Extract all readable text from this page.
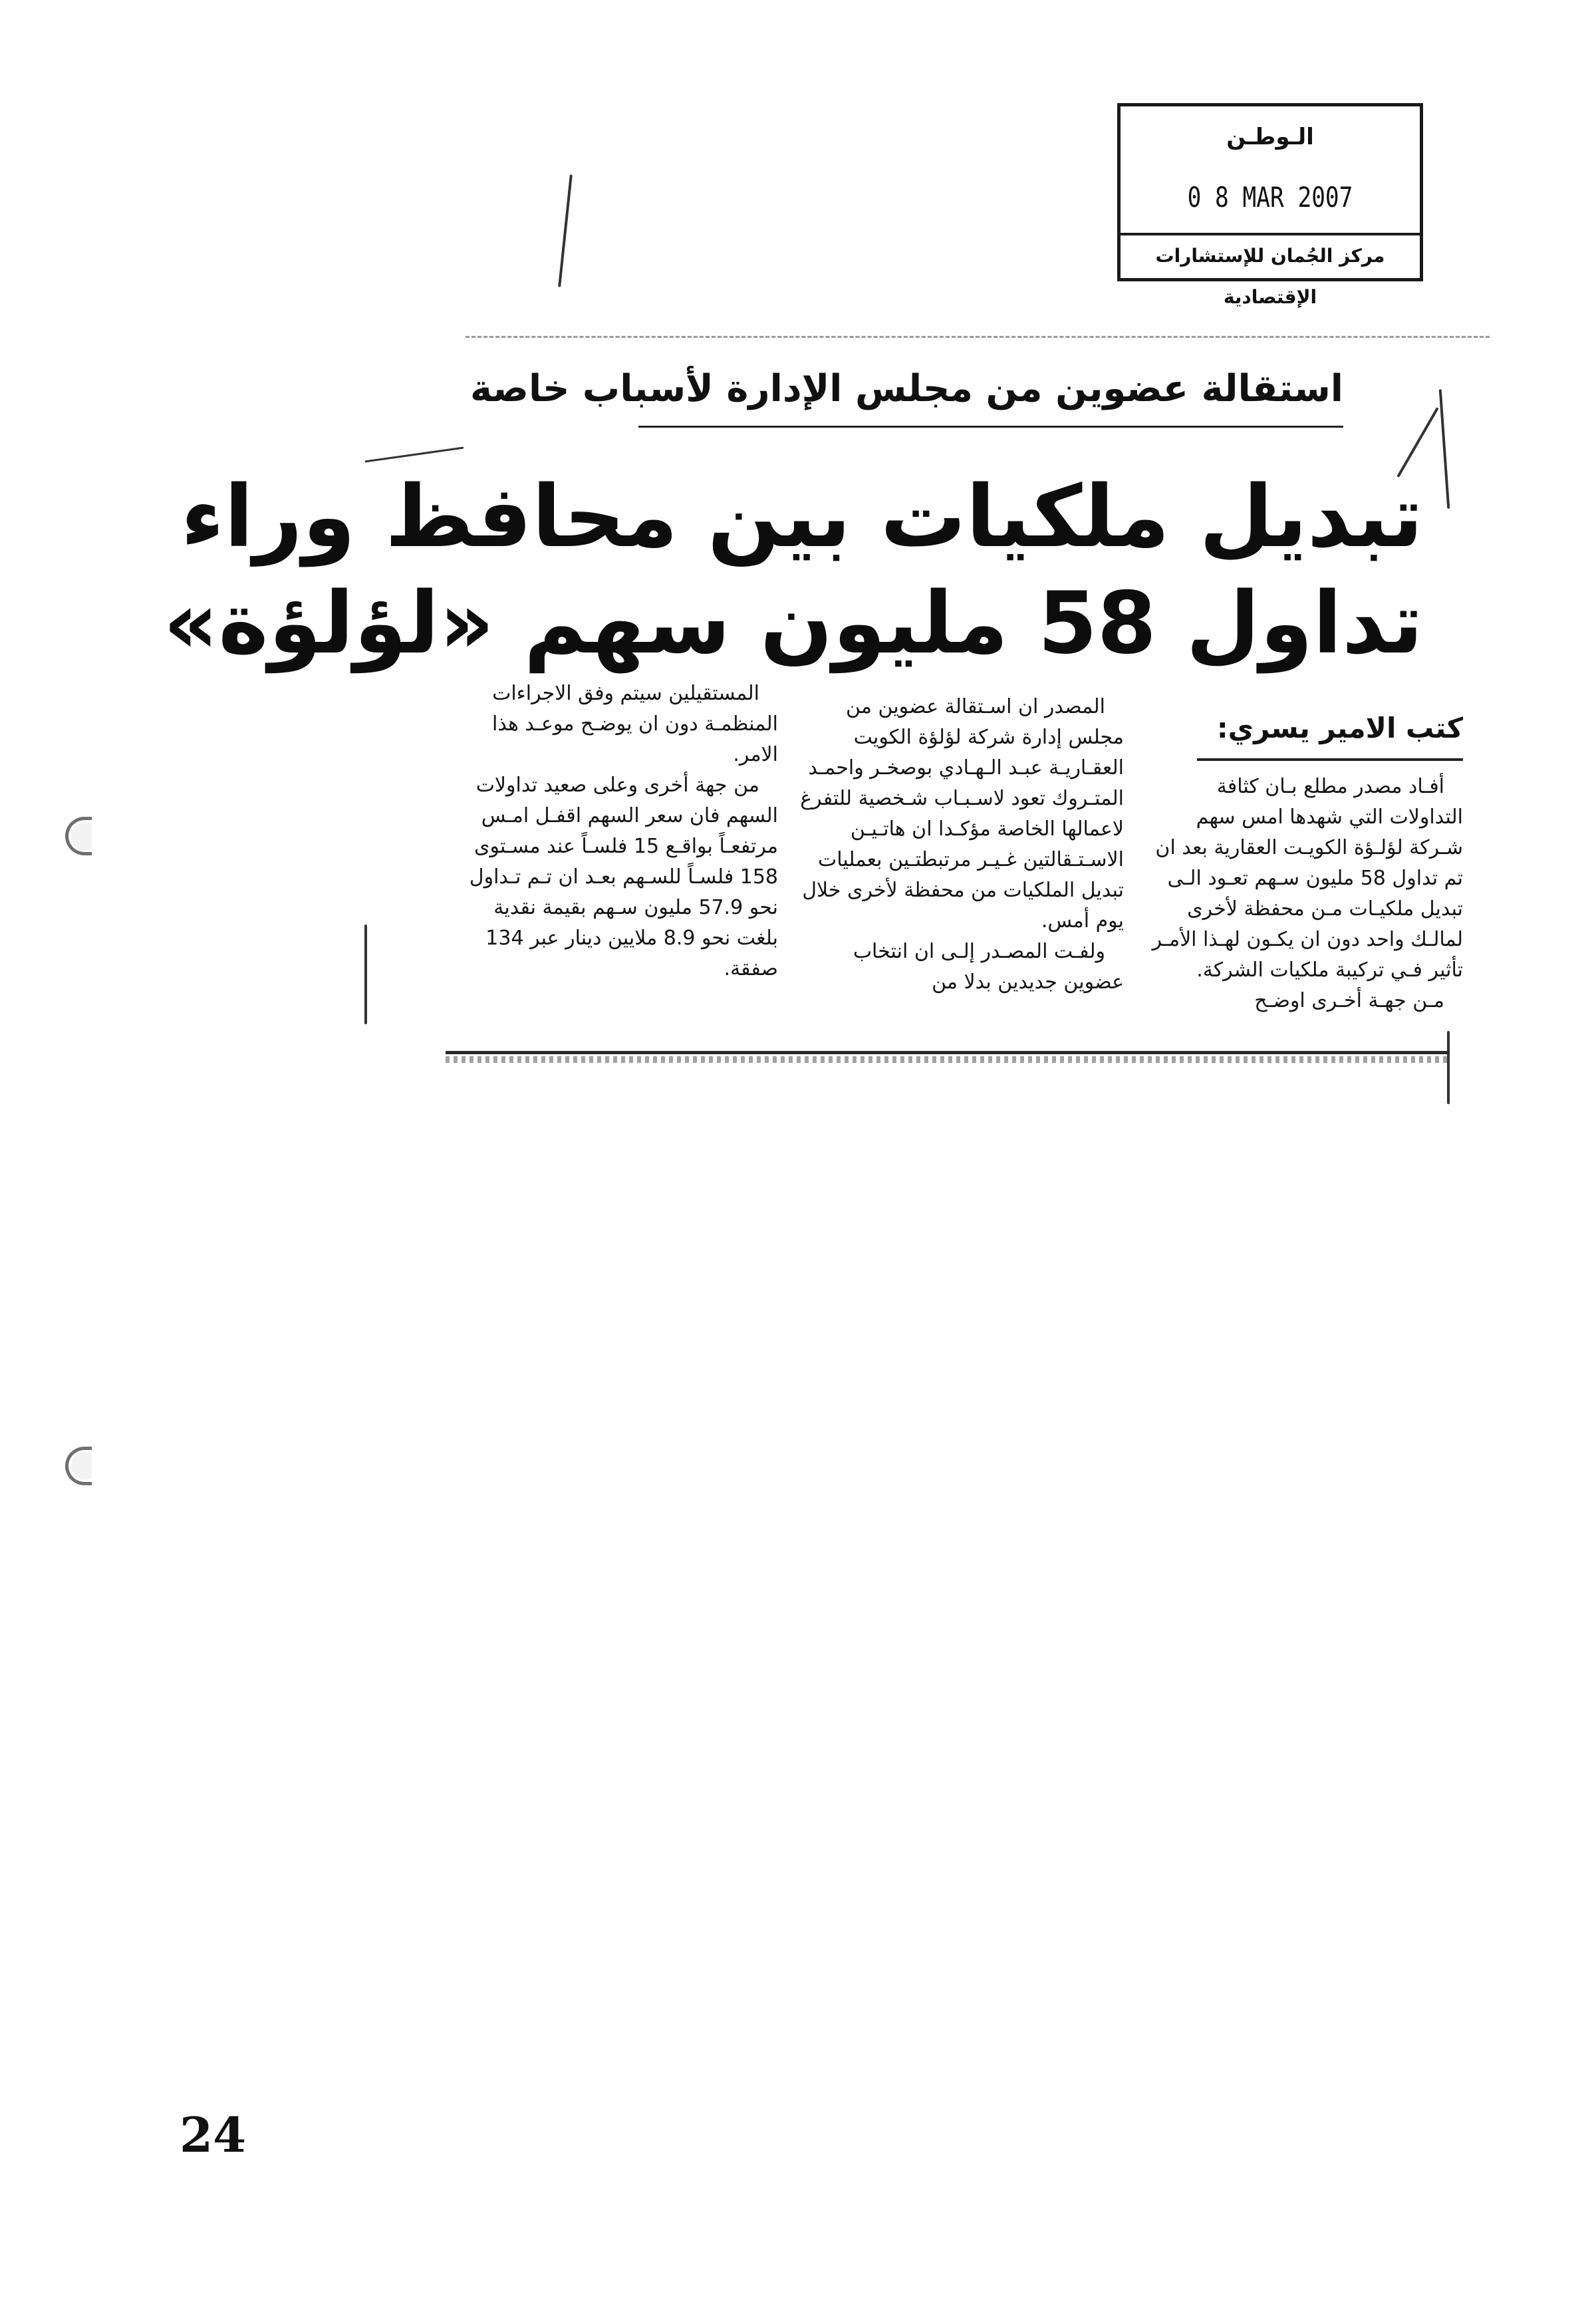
الـوطـن
0 8 MAR 2007
مركز الجُمان للإستشارات الإقتصادية
استقالة عضوين من مجلس الإدارة لأسباب خاصة
تبديل ملكيات بين محافظ وراء
تداول 58 مليون سهم «لؤلؤة»
كتب الامير يسري:

أفـاد مصدر مطلع بـان كثافة التداولات التي شهدها امس سهم شـركة لؤلـؤة الكويـت العقارية بعد ان تم تداول 58 مليون سـهم تعـود الـى تبديل ملكيـات مـن محفظة لأخرى لمالـك واحد دون ان يكـون لهـذا الأمـر تأثير فـي تركيبة ملكيات الشركة.

مـن جهـة أخـرى اوضـح

المصدر ان اسـتقالة عضوين من مجلس إدارة شركة لؤلؤة الكويت العقـاريـة عبـد الـهـادي بوصخـر واحمـد المتـروك تعود لاسـبـاب شـخصية للتفرغ لاعمالها الخاصة مؤكـدا ان هاتـيـن الاسـتـقالتين غـيـر مرتبطتـين بعمليات تبديل الملكيات من محفظة لأخرى خلال يوم أمس.

ولفـت المصـدر إلـى ان انتخاب عضوين جديدين بدلا من

المستقيلين سيتم وفق الاجراءات المنظمـة دون ان يوضـح موعـد هذا الامر.

من جهة أخرى وعلى صعيد تداولات السهم فان سعر السهم اقفـل امـس مرتفعـاً بواقـع 15 فلسـاً عند مسـتوى 158 فلسـاً للسـهم بعـد ان تـم تـداول نحو 57.9 مليون سـهم بقيمة نقدية بلغت نحو 8.9 ملايين دينار عبر 134 صفقة.

24
